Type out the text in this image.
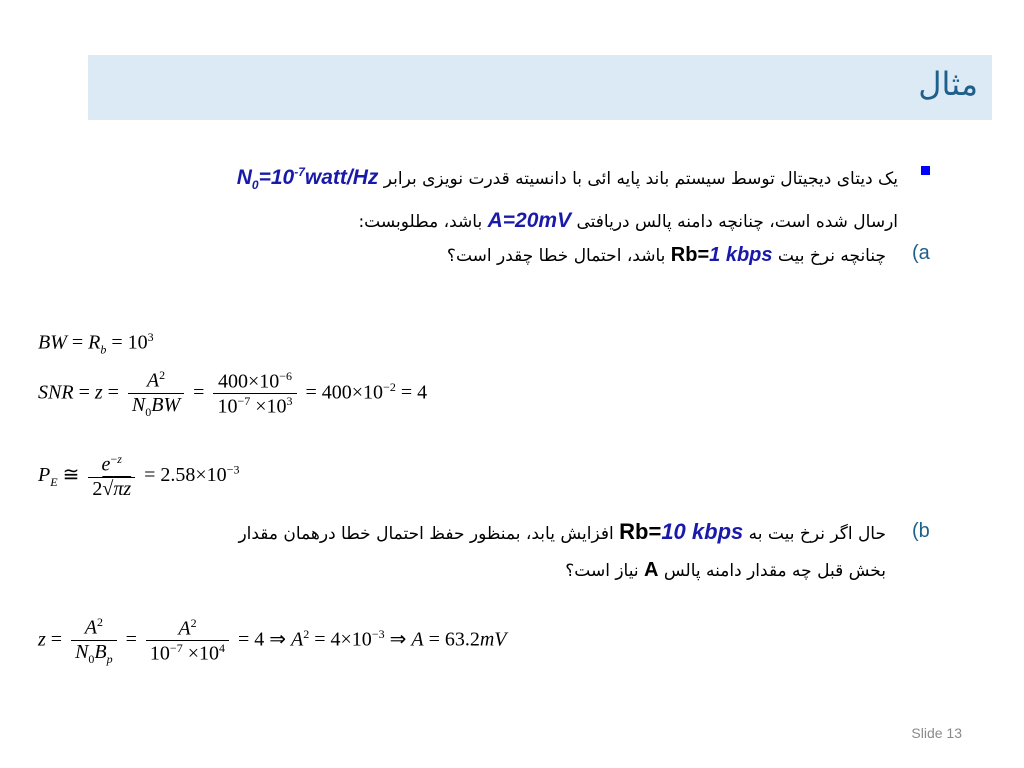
مثال
یک دیتای دیجیتال توسط سیستم باند پایه ائی با دانسیته قدرت نویزی برابر $N_0=10^{-7}watt/Hz$
ارسال شده است، چنانچه دامنه پالس دریافتی A=20mV باشد، مطلوبست:
(a
چنانچه نرخ بیت Rb=1 kbps باشد، احتمال خطا چقدر است؟
BW = $R_b = 10^3$
SNR = $z = \frac{A^2}{N_0BW} = \frac{400\times 10^{-6}}{10^{-7} \times 10^3} = 400\times 10^{-2} = 4$
$P_E$ ≅ $\frac{e^{-z}}{2√\pi z} = 2.58\times 10^{-3}$
(b
حال اگر نرخ بیت به Rb=10 kbps افزایش یابد، بمنظور حفظ احتمال خطا درهمان مقدار
بخش قبل چه مقدار دامنه پالس A نیاز است؟
$z = \frac{A^2}{N_0B_p} = \frac{A^2}{10^{-7} \times 10^4} = 4$ ⇒ $A^2 = 4\times 10^{-3}$ ⇒ A = 63.2mV
Slide 13
